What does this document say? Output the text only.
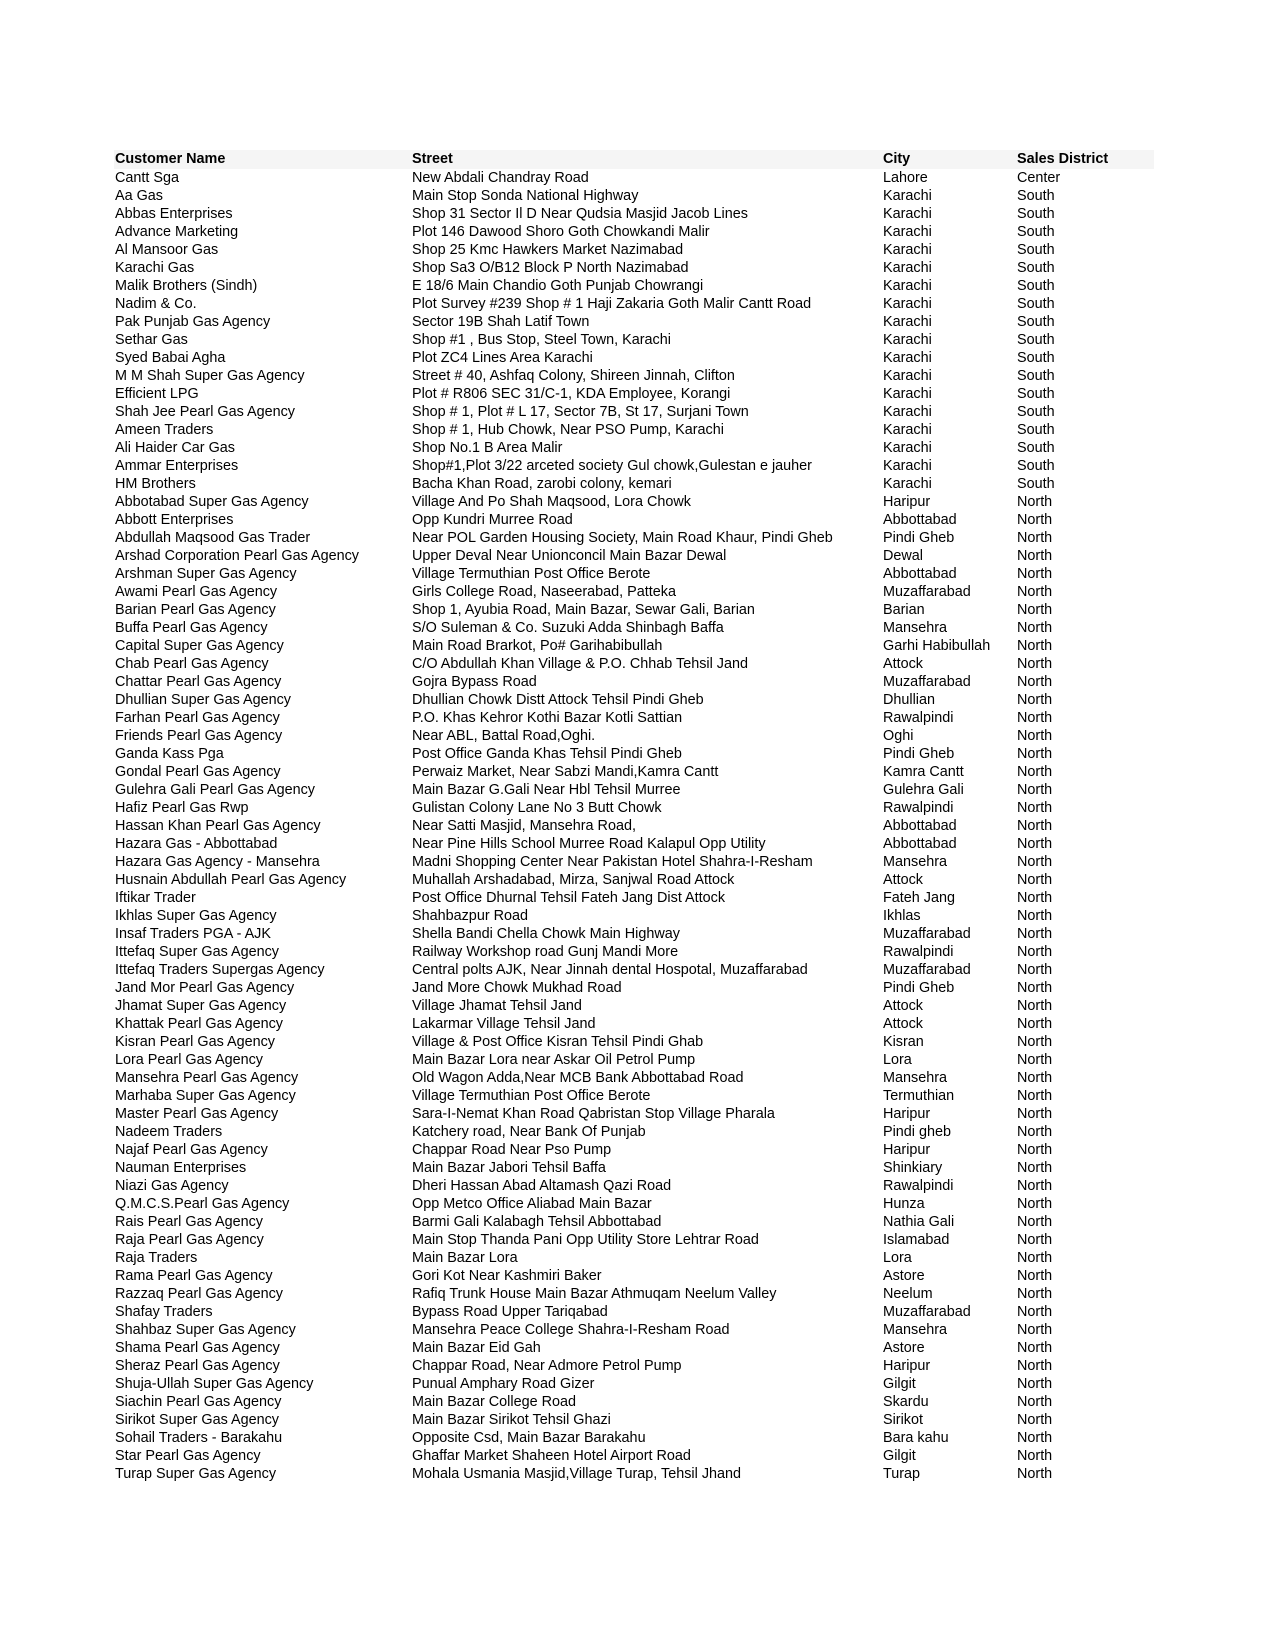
Customer Name	Street	City	Sales District
Cantt Sga	New Abdali Chandray Road	Lahore	Center
Aa Gas	Main Stop Sonda National Highway	Karachi	South
Abbas Enterprises	Shop 31 Sector Il D Near Qudsia Masjid Jacob Lines	Karachi	South
Advance Marketing	Plot 146 Dawood Shoro Goth Chowkandi Malir	Karachi	South
Al Mansoor Gas	Shop 25 Kmc Hawkers Market Nazimabad	Karachi	South
Karachi Gas	Shop Sa3 O/B12 Block P North Nazimabad	Karachi	South
Malik Brothers (Sindh)	E 18/6 Main Chandio Goth Punjab Chowrangi	Karachi	South
Nadim & Co.	Plot Survey #239 Shop # 1 Haji Zakaria Goth Malir Cantt Road	Karachi	South
Pak Punjab Gas Agency	Sector 19B Shah Latif Town	Karachi	South
Sethar Gas	Shop #1 , Bus Stop, Steel Town, Karachi	Karachi	South
Syed Babai Agha	Plot ZC4 Lines Area Karachi	Karachi	South
M M Shah Super Gas Agency	Street # 40, Ashfaq Colony, Shireen Jinnah, Clifton	Karachi	South
Efficient LPG	Plot # R806 SEC 31/C-1, KDA Employee, Korangi	Karachi	South
Shah Jee Pearl Gas Agency	Shop # 1, Plot # L 17, Sector 7B, St 17, Surjani Town	Karachi	South
Ameen Traders	Shop # 1, Hub Chowk, Near PSO Pump, Karachi	Karachi	South
Ali Haider Car Gas	Shop No.1 B Area Malir	Karachi	South
Ammar Enterprises	Shop#1,Plot 3/22 arceted society Gul chowk,Gulestan e jauher	Karachi	South
HM Brothers	Bacha Khan Road, zarobi colony, kemari	Karachi	South
Abbotabad Super Gas Agency	Village And Po Shah Maqsood, Lora Chowk	Haripur	North
Abbott Enterprises	Opp Kundri Murree Road	Abbottabad	North
Abdullah Maqsood Gas Trader	Near POL Garden Housing Society, Main Road Khaur, Pindi Gheb	Pindi Gheb	North
Arshad Corporation Pearl Gas Agency	Upper Deval Near Unionconcil Main Bazar Dewal	Dewal	North
Arshman Super Gas Agency	Village Termuthian Post Office Berote	Abbottabad	North
Awami Pearl Gas Agency	Girls College Road, Naseerabad, Patteka	Muzaffarabad	North
Barian Pearl Gas Agency	Shop 1, Ayubia Road, Main Bazar, Sewar Gali, Barian	Barian	North
Buffa Pearl Gas Agency	S/O Suleman & Co. Suzuki Adda Shinbagh Baffa	Mansehra	North
Capital Super Gas Agency	Main Road Brarkot, Po# Garihabibullah	Garhi Habibullah	North
Chab Pearl Gas Agency	C/O Abdullah Khan Village & P.O. Chhab Tehsil Jand	Attock	North
Chattar Pearl Gas Agency	Gojra Bypass Road	Muzaffarabad	North
Dhullian Super Gas Agency	Dhullian Chowk Distt Attock Tehsil Pindi Gheb	Dhullian	North
Farhan Pearl Gas Agency	P.O. Khas Kehror Kothi Bazar Kotli Sattian	Rawalpindi	North
Friends Pearl Gas Agency	Near ABL, Battal Road,Oghi.	Oghi	North
Ganda Kass Pga	Post Office Ganda Khas Tehsil Pindi Gheb	Pindi Gheb	North
Gondal Pearl Gas Agency	Perwaiz Market, Near Sabzi Mandi,Kamra Cantt	Kamra Cantt	North
Gulehra Gali Pearl Gas Agency	Main Bazar G.Gali Near Hbl Tehsil Murree	Gulehra Gali	North
Hafiz Pearl Gas Rwp	Gulistan Colony Lane No 3 Butt Chowk	Rawalpindi	North
Hassan Khan Pearl Gas Agency	Near Satti Masjid, Mansehra Road,	Abbottabad	North
Hazara Gas - Abbottabad	Near Pine Hills School Murree Road Kalapul Opp Utility	Abbottabad	North
Hazara Gas Agency - Mansehra	Madni Shopping Center Near Pakistan Hotel Shahra-I-Resham	Mansehra	North
Husnain Abdullah Pearl Gas Agency	Muhallah Arshadabad, Mirza, Sanjwal Road Attock	Attock	North
Iftikar Trader	Post Office Dhurnal Tehsil Fateh Jang Dist Attock	Fateh Jang	North
Ikhlas Super Gas Agency	Shahbazpur Road	Ikhlas	North
Insaf Traders PGA - AJK	Shella Bandi Chella Chowk Main Highway	Muzaffarabad	North
Ittefaq Super Gas Agency	Railway Workshop road Gunj Mandi More	Rawalpindi	North
Ittefaq Traders Supergas Agency	Central polts AJK, Near Jinnah dental Hospotal, Muzaffarabad	Muzaffarabad	North
Jand Mor Pearl Gas Agency	Jand More Chowk Mukhad Road	Pindi Gheb	North
Jhamat Super Gas Agency	Village Jhamat Tehsil Jand	Attock	North
Khattak Pearl Gas Agency	Lakarmar Village Tehsil Jand	Attock	North
Kisran Pearl Gas Agency	Village & Post Office Kisran Tehsil Pindi Ghab	Kisran	North
Lora Pearl Gas Agency	Main Bazar Lora near Askar Oil Petrol Pump	Lora	North
Mansehra Pearl Gas Agency	Old Wagon Adda,Near MCB Bank Abbottabad Road	Mansehra	North
Marhaba Super Gas Agency	Village Termuthian Post Office Berote	Termuthian	North
Master Pearl Gas Agency	Sara-I-Nemat Khan Road Qabristan Stop Village Pharala	Haripur	North
Nadeem Traders	Katchery road, Near Bank Of Punjab	Pindi gheb	North
Najaf Pearl Gas Agency	Chappar Road Near Pso Pump	Haripur	North
Nauman Enterprises	Main Bazar Jabori Tehsil Baffa	Shinkiary	North
Niazi Gas Agency	Dheri Hassan Abad Altamash Qazi Road	Rawalpindi	North
Q.M.C.S.Pearl Gas Agency	Opp Metco Office Aliabad Main Bazar	Hunza	North
Rais Pearl Gas Agency	Barmi Gali Kalabagh Tehsil Abbottabad	Nathia Gali	North
Raja Pearl Gas Agency	Main Stop Thanda Pani Opp Utility Store Lehtrar Road	Islamabad	North
Raja Traders	Main Bazar Lora	Lora	North
Rama Pearl Gas Agency	Gori Kot Near Kashmiri Baker	Astore	North
Razzaq Pearl Gas Agency	Rafiq Trunk House Main Bazar Athmuqam Neelum Valley	Neelum	North
Shafay Traders	Bypass Road Upper Tariqabad	Muzaffarabad	North
Shahbaz Super Gas Agency	Mansehra Peace College Shahra-I-Resham Road	Mansehra	North
Shama Pearl Gas Agency	Main Bazar Eid Gah	Astore	North
Sheraz Pearl Gas Agency	Chappar Road, Near Admore Petrol Pump	Haripur	North
Shuja-Ullah Super Gas Agency	Punual Amphary Road Gizer	Gilgit	North
Siachin Pearl Gas Agency	Main Bazar College Road	Skardu	North
Sirikot Super Gas Agency	Main Bazar Sirikot Tehsil Ghazi	Sirikot	North
Sohail Traders - Barakahu	Opposite Csd, Main Bazar Barakahu	Bara kahu	North
Star Pearl Gas Agency	Ghaffar Market Shaheen Hotel Airport Road	Gilgit	North
Turap Super Gas Agency	Mohala Usmania Masjid,Village Turap, Tehsil Jhand	Turap	North
